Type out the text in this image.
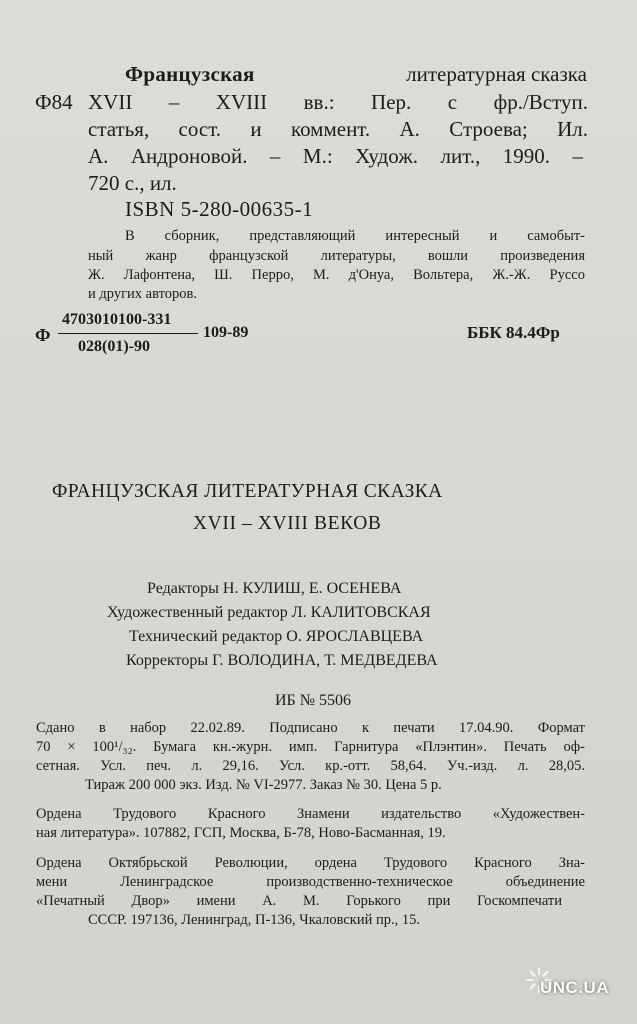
Французская	литературная сказка
Ф84 XVII – XVIII вв.: Пер. с фр./Вступ.
статья, сост. и коммент. А. Строева; Ил.
А. Андроновой. – М.: Худож. лит., 1990. –
720 с., ил.
ISBN 5-280-00635-1
В сборник, представляющий интересный и самобыт-
ный жанр французской литературы, вошли произведения
Ж. Лафонтена, Ш. Перро, М. д'Онуа, Вольтера, Ж.-Ж. Руссо
и других авторов.
Ф
4703010100-331
028(01)-90
109-89	ББК 84.4Фр
ФРАНЦУЗСКАЯ ЛИТЕРАТУРНАЯ СКАЗКА
XVII – XVIII ВЕКОВ
Редакторы Н. КУЛИШ, Е. ОСЕНЕВА
Художественный редактор Л. КАЛИТОВСКАЯ
Технический редактор О. ЯРОСЛАВЦЕВА
Корректоры Г. ВОЛОДИНА, Т. МЕДВЕДЕВА
ИБ № 5506
Сдано в набор 22.02.89. Подписано к печати 17.04.90. Формат
70 × 100¹/₃₂. Бумага кн.-журн. имп. Гарнитура «Плэнтин». Печать оф-
сетная. Усл. печ. л. 29,16. Усл. кр.-отт. 58,64. Уч.-изд. л. 28,05.
Тираж 200 000 экз. Изд. № VI-2977. Заказ № 30. Цена 5 р.
Ордена Трудового Красного Знамени издательство «Художествен-
ная литература». 107882, ГСП, Москва, Б-78, Ново-Басманная, 19.
Ордена Октябрьской Революции, ордена Трудового Красного Зна-
мени Ленинградское производственно-техническое объединение
«Печатный Двор» имени А. М. Горького при Госкомпечати
СССР. 197136, Ленинград, П-136, Чкаловский пр., 15.
UNC.UA
